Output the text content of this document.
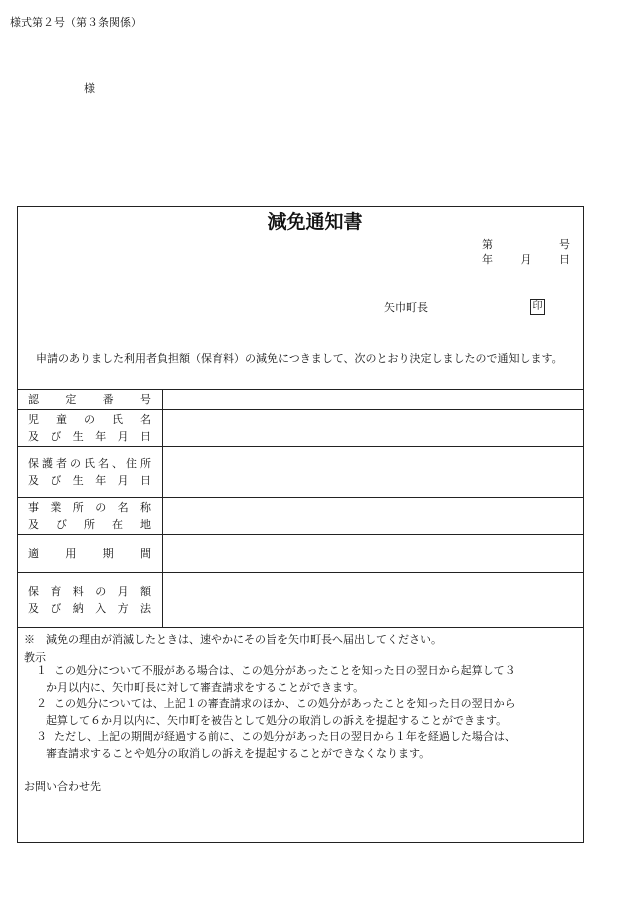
様式第２号（第３条関係）
様
減免通知書
第	号
年	月	日
矢巾町長	印
申請のありました利用者負担額（保育料）の減免につきまして、次のとおり決定しましたので通知します。
認定番号	

児童の氏名
及び生年月日	

保護者の氏名、住所
及び生年月日	

事業所の名称
及び所在地	

適用期間	

保育料の月額
及び納入方法	

※　減免の理由が消滅したときは、速やかにその旨を矢巾町長へ届出してください。
教示
１ この処分について不服がある場合は、この処分があったことを知った日の翌日から起算して３
か月以内に、矢巾町長に対して審査請求をすることができます。
２ この処分については、上記１の審査請求のほか、この処分があったことを知った日の翌日から
起算して６か月以内に、矢巾町を被告として処分の取消しの訴えを提起することができます。
３ ただし、上記の期間が経過する前に、この処分があった日の翌日から１年を経過した場合は、
審査請求することや処分の取消しの訴えを提起することができなくなります。
お問い合わせ先
